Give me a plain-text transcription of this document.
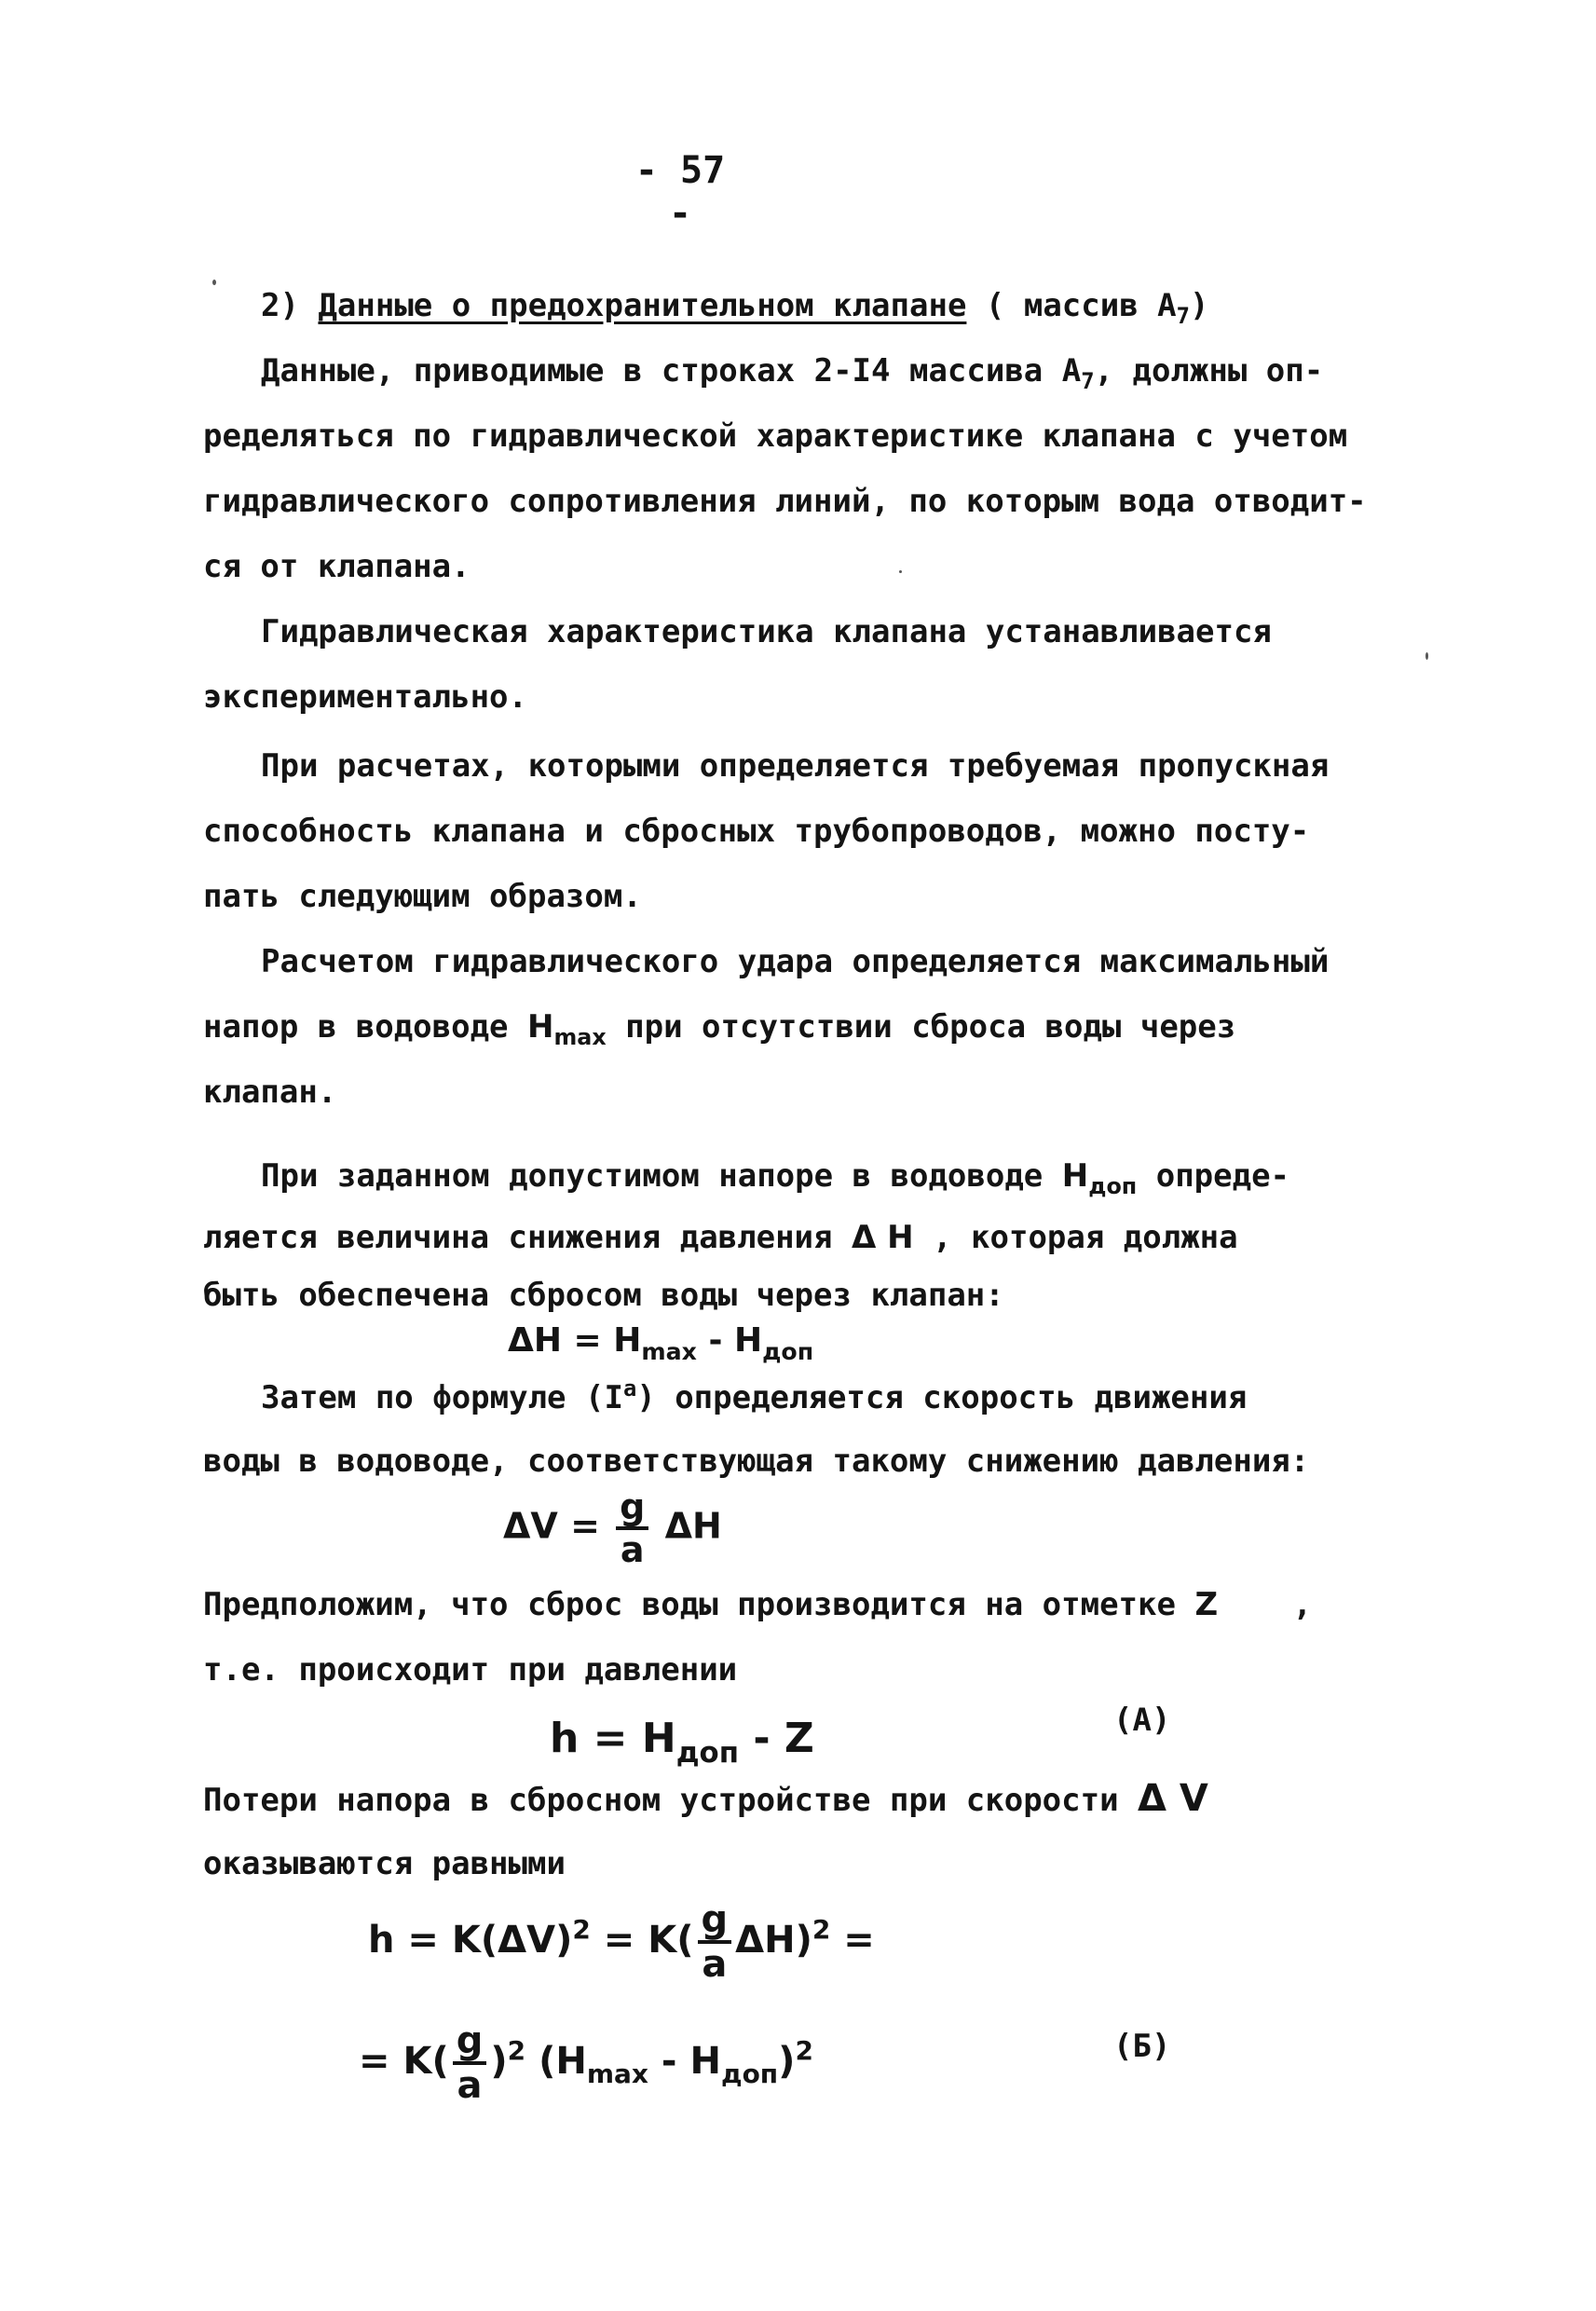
- 57 -
2) Данные о предохранительном клапане ( массив $А_7$)
Данные, приводимые в строках 2-I4 массива $А_7$, должны оп-
ределяться по гидравлической характеристике клапана с учетом
гидравлического сопротивления линий, по которым вода отводит-
ся от клапана.
Гидравлическая характеристика клапана устанавливается
экспериментально.
При расчетах, которыми определяется требуемая пропускная
способность клапана и сбросных трубопроводов, можно посту-
пать следующим образом.
Расчетом гидравлического удара определяется максимальный
напор в водоводе $H_{max}$ при отсутствии сброса воды через
клапан.
При заданном допустимом напоре в водоводе $H_{доп}$ опреде-
ляется величина снижения давления Δ H , которая должна
быть обеспечена сбросом воды через клапан:
$\Delta H = H_{max} - H_{доп}$
Затем по формуле $(I^а)$ определяется скорость движения
воды в водоводе, соответствующая такому снижению давления:
$\Delta V = \frac{g}{a}$ ΔH
Предположим, что сброс воды производится на отметке Z ,
т.е. происходит при давлении
$h = H_{доп} - Z$	(А)
Потери напора в сбросном устройстве при скорости Δ V
оказываются равными
$h = K(\Delta V)^2 = K( \frac{g}{a} \Delta H)^2$ =
= $K( \frac{g}{a} )^2$ $(H_{max} - H_{доп})^2$	(Б)
